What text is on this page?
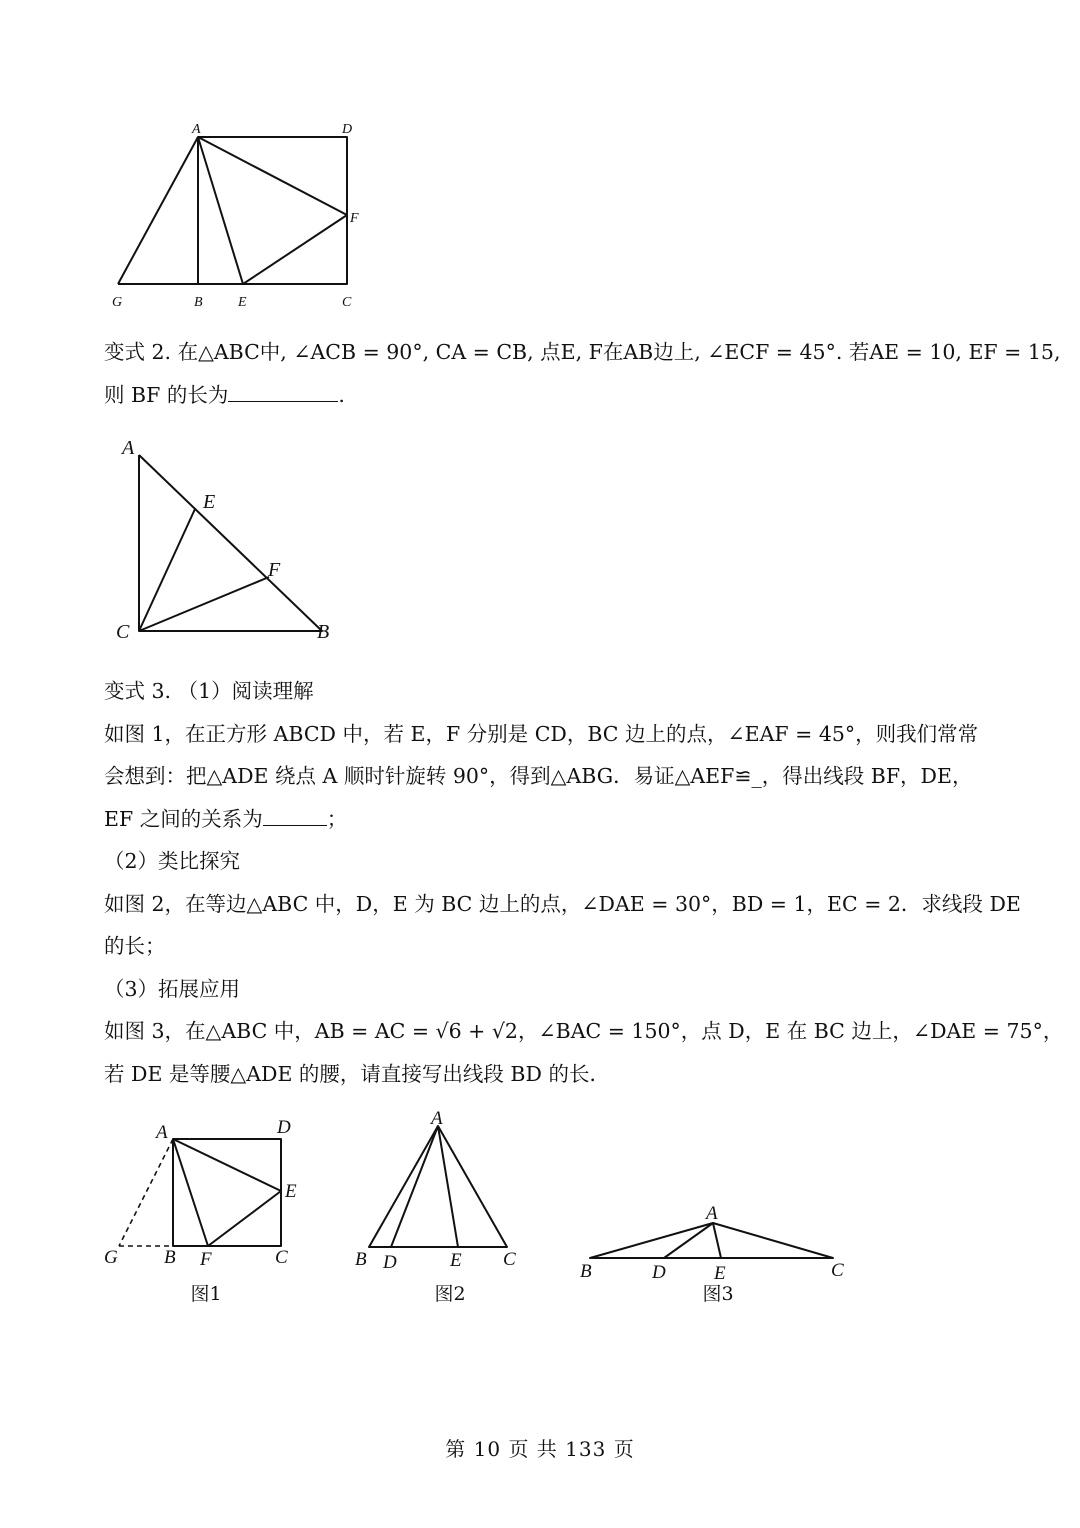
A	D
F
G	B	E	C
变式 2. 在△ABC中, ∠ACB = 90°, CA = CB, 点E, F在AB边上, ∠ECF = 45°. 若AE = 10, EF = 15,
则 BF 的长为	.
A
E
F
C	B
变式 3. （1）阅读理解
如图 1，在正方形 ABCD 中，若 E，F 分别是 CD，BC 边上的点，∠EAF = 45°，则我们常常
会想到：把△ADE 绕点 A 顺时针旋转 90°，得到△ABG．易证△AEF≌_，得出线段 BF，DE，
EF 之间的关系为	；
（2）类比探究
如图 2，在等边△ABC 中，D，E 为 BC 边上的点，∠DAE = 30°，BD = 1，EC = 2．求线段 DE
的长；
（3）拓展应用
如图 3，在△ABC 中，AB = AC = √6 + √2，∠BAC = 150°，点 D，E 在 BC 边上，∠DAE = 75°，
若 DE 是等腰△ADE 的腰，请直接写出线段 BD 的长．
A	D
E
G B F	C
图1
A
B D	E C
图2
A
B	D	E	C
图3
第 10 页 共 133 页
